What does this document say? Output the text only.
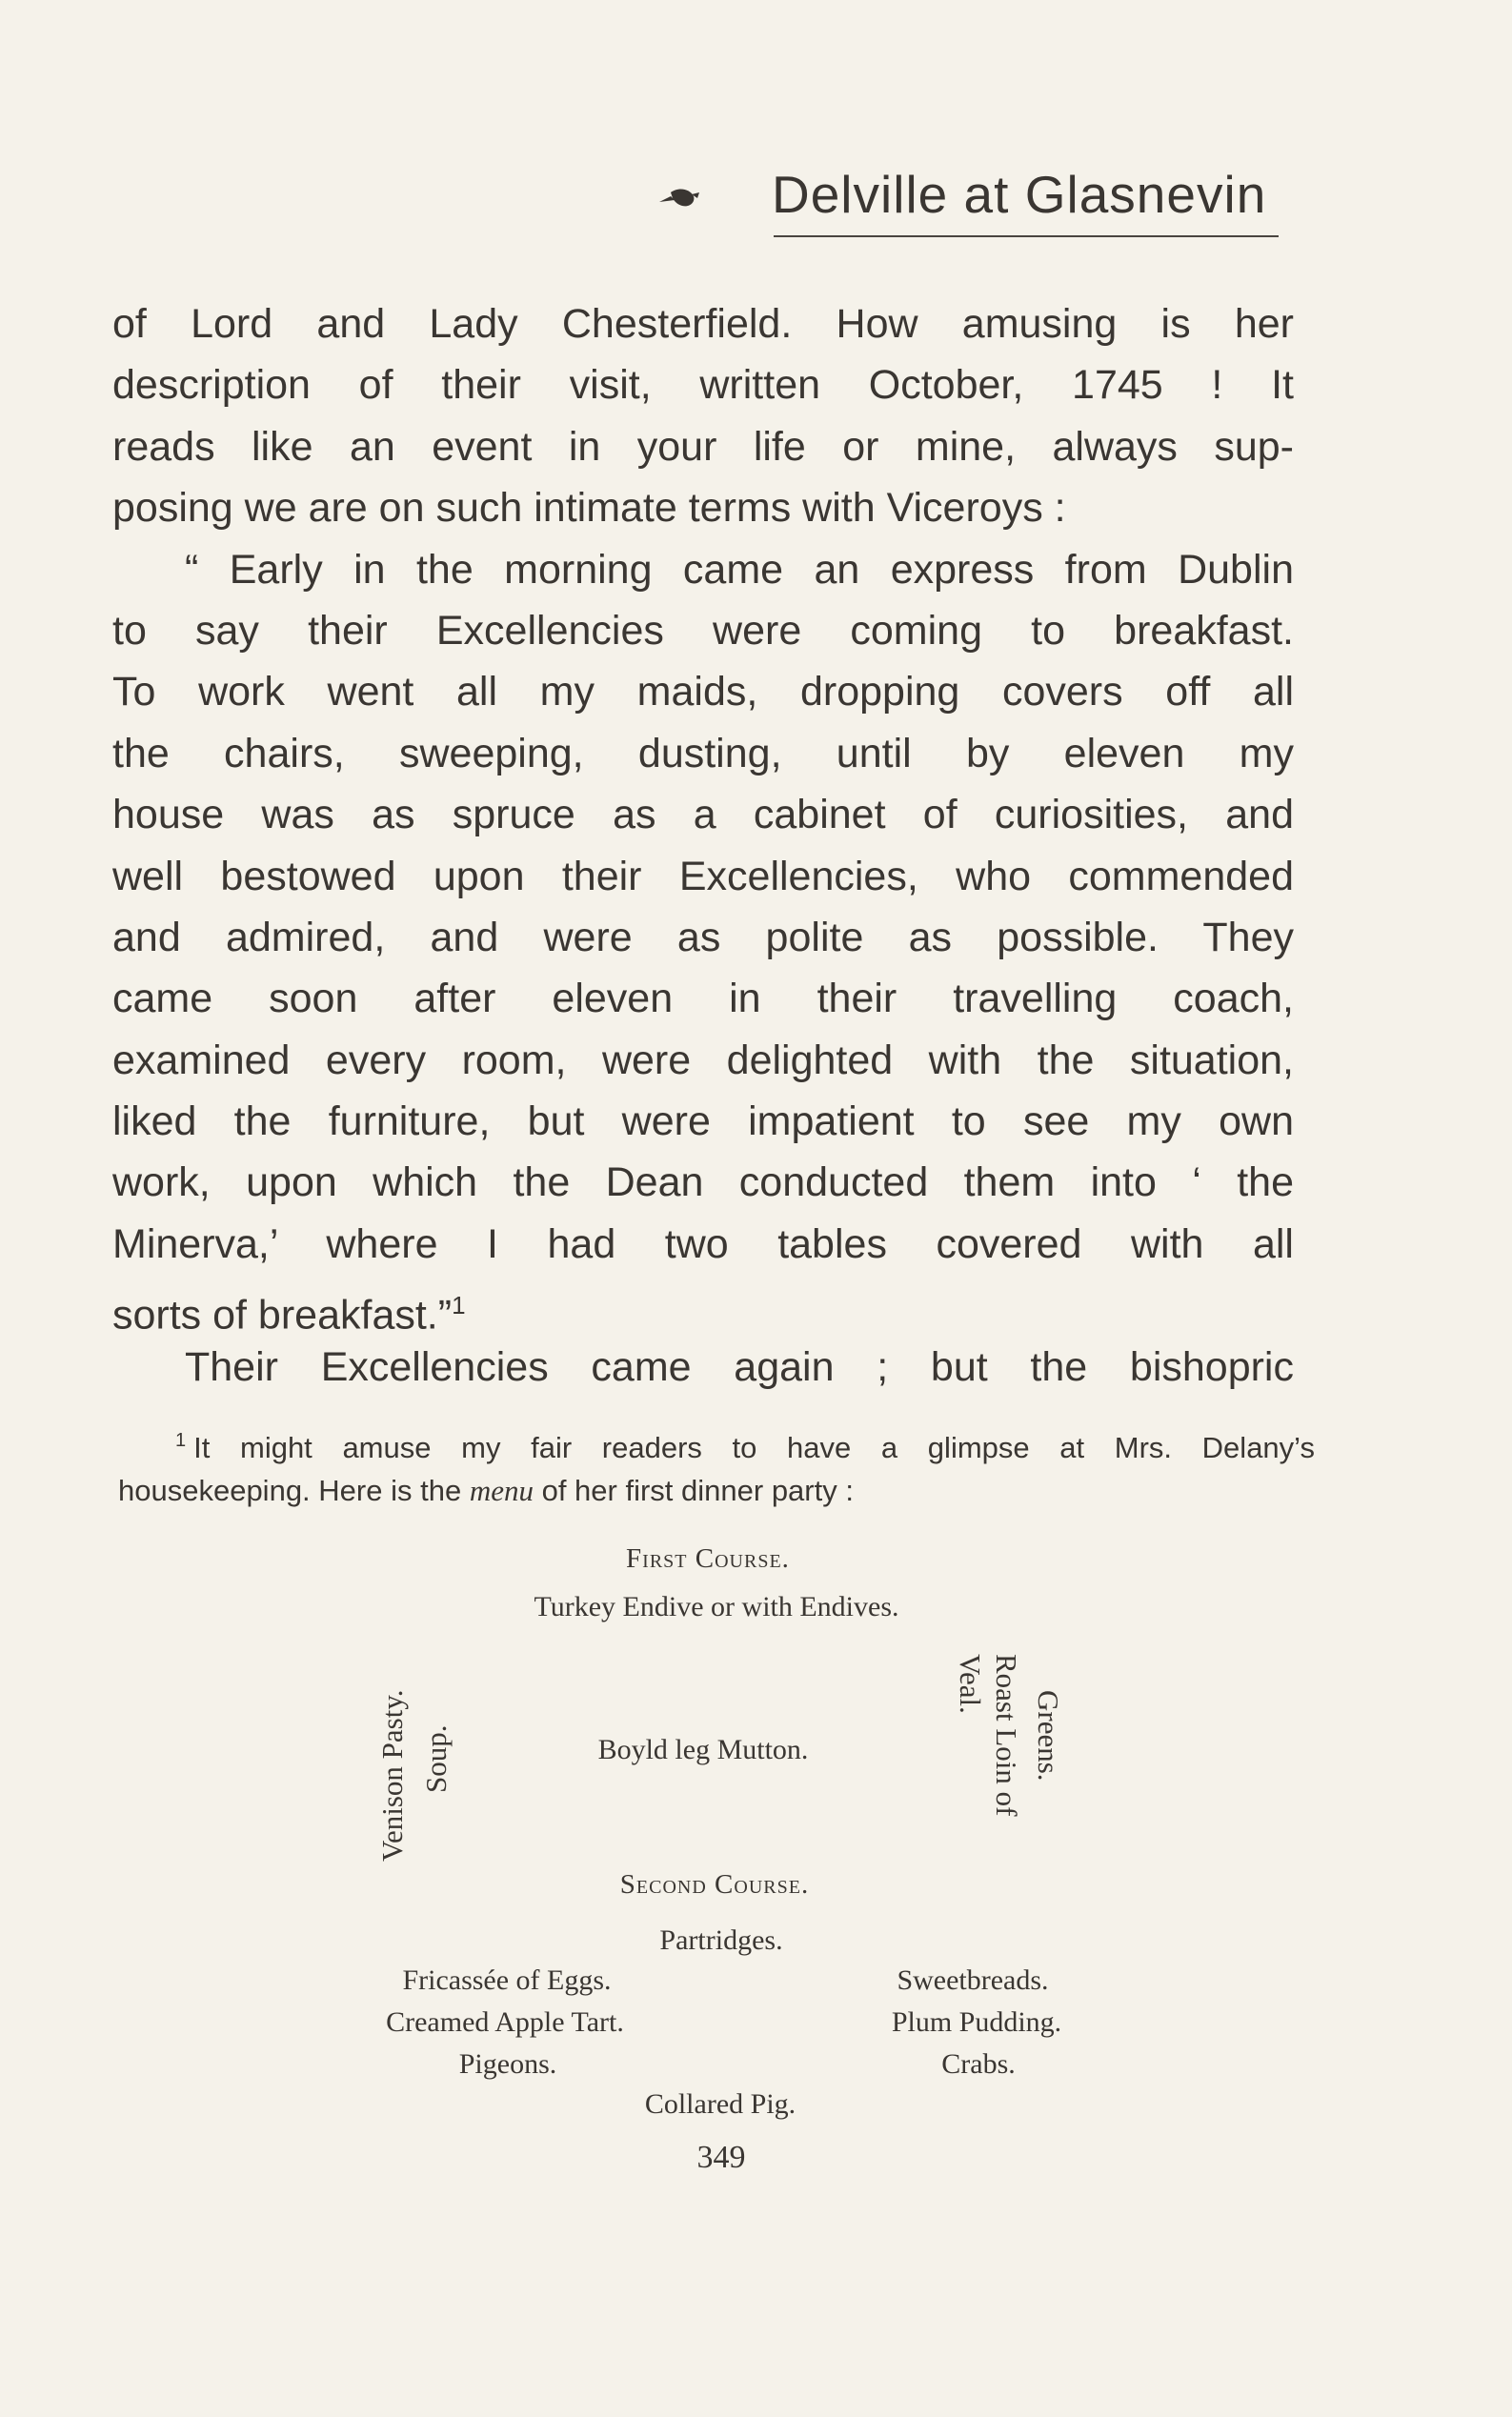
Delville at Glasnevin
of Lord and Lady Chesterfield. How amusing is her
description of their visit, written October, 1745 ! It
reads like an event in your life or mine, always sup-
posing we are on such intimate terms with Viceroys :
“ Early in the morning came an express from Dublin
to say their Excellencies were coming to breakfast.
To work went all my maids, dropping covers off all
the chairs, sweeping, dusting, until by eleven my
house was as spruce as a cabinet of curiosities, and
well bestowed upon their Excellencies, who commended
and admired, and were as polite as possible. They
came soon after eleven in their travelling coach,
examined every room, were delighted with the situation,
liked the furniture, but were impatient to see my own
work, upon which the Dean conducted them into ‘ the
Minerva,’ where I had two tables covered with all
sorts of breakfast.”$^1$
Their Excellencies came again ; but the bishopric
$^1$ It might amuse my fair readers to have a glimpse at Mrs. Delany’s
housekeeping. Here is the menu of her first dinner party :
First Course.
Turkey Endive or with Endives.
Venison Pasty. Soup.	Boyld leg Mutton.	Roast Loin of Veal.
Greens.
Second Course.
Partridges.
Fricassée of Eggs.
Creamed Apple Tart.
Pigeons.
Sweetbreads.
Plum Pudding.
Crabs.
Collared Pig.
349
